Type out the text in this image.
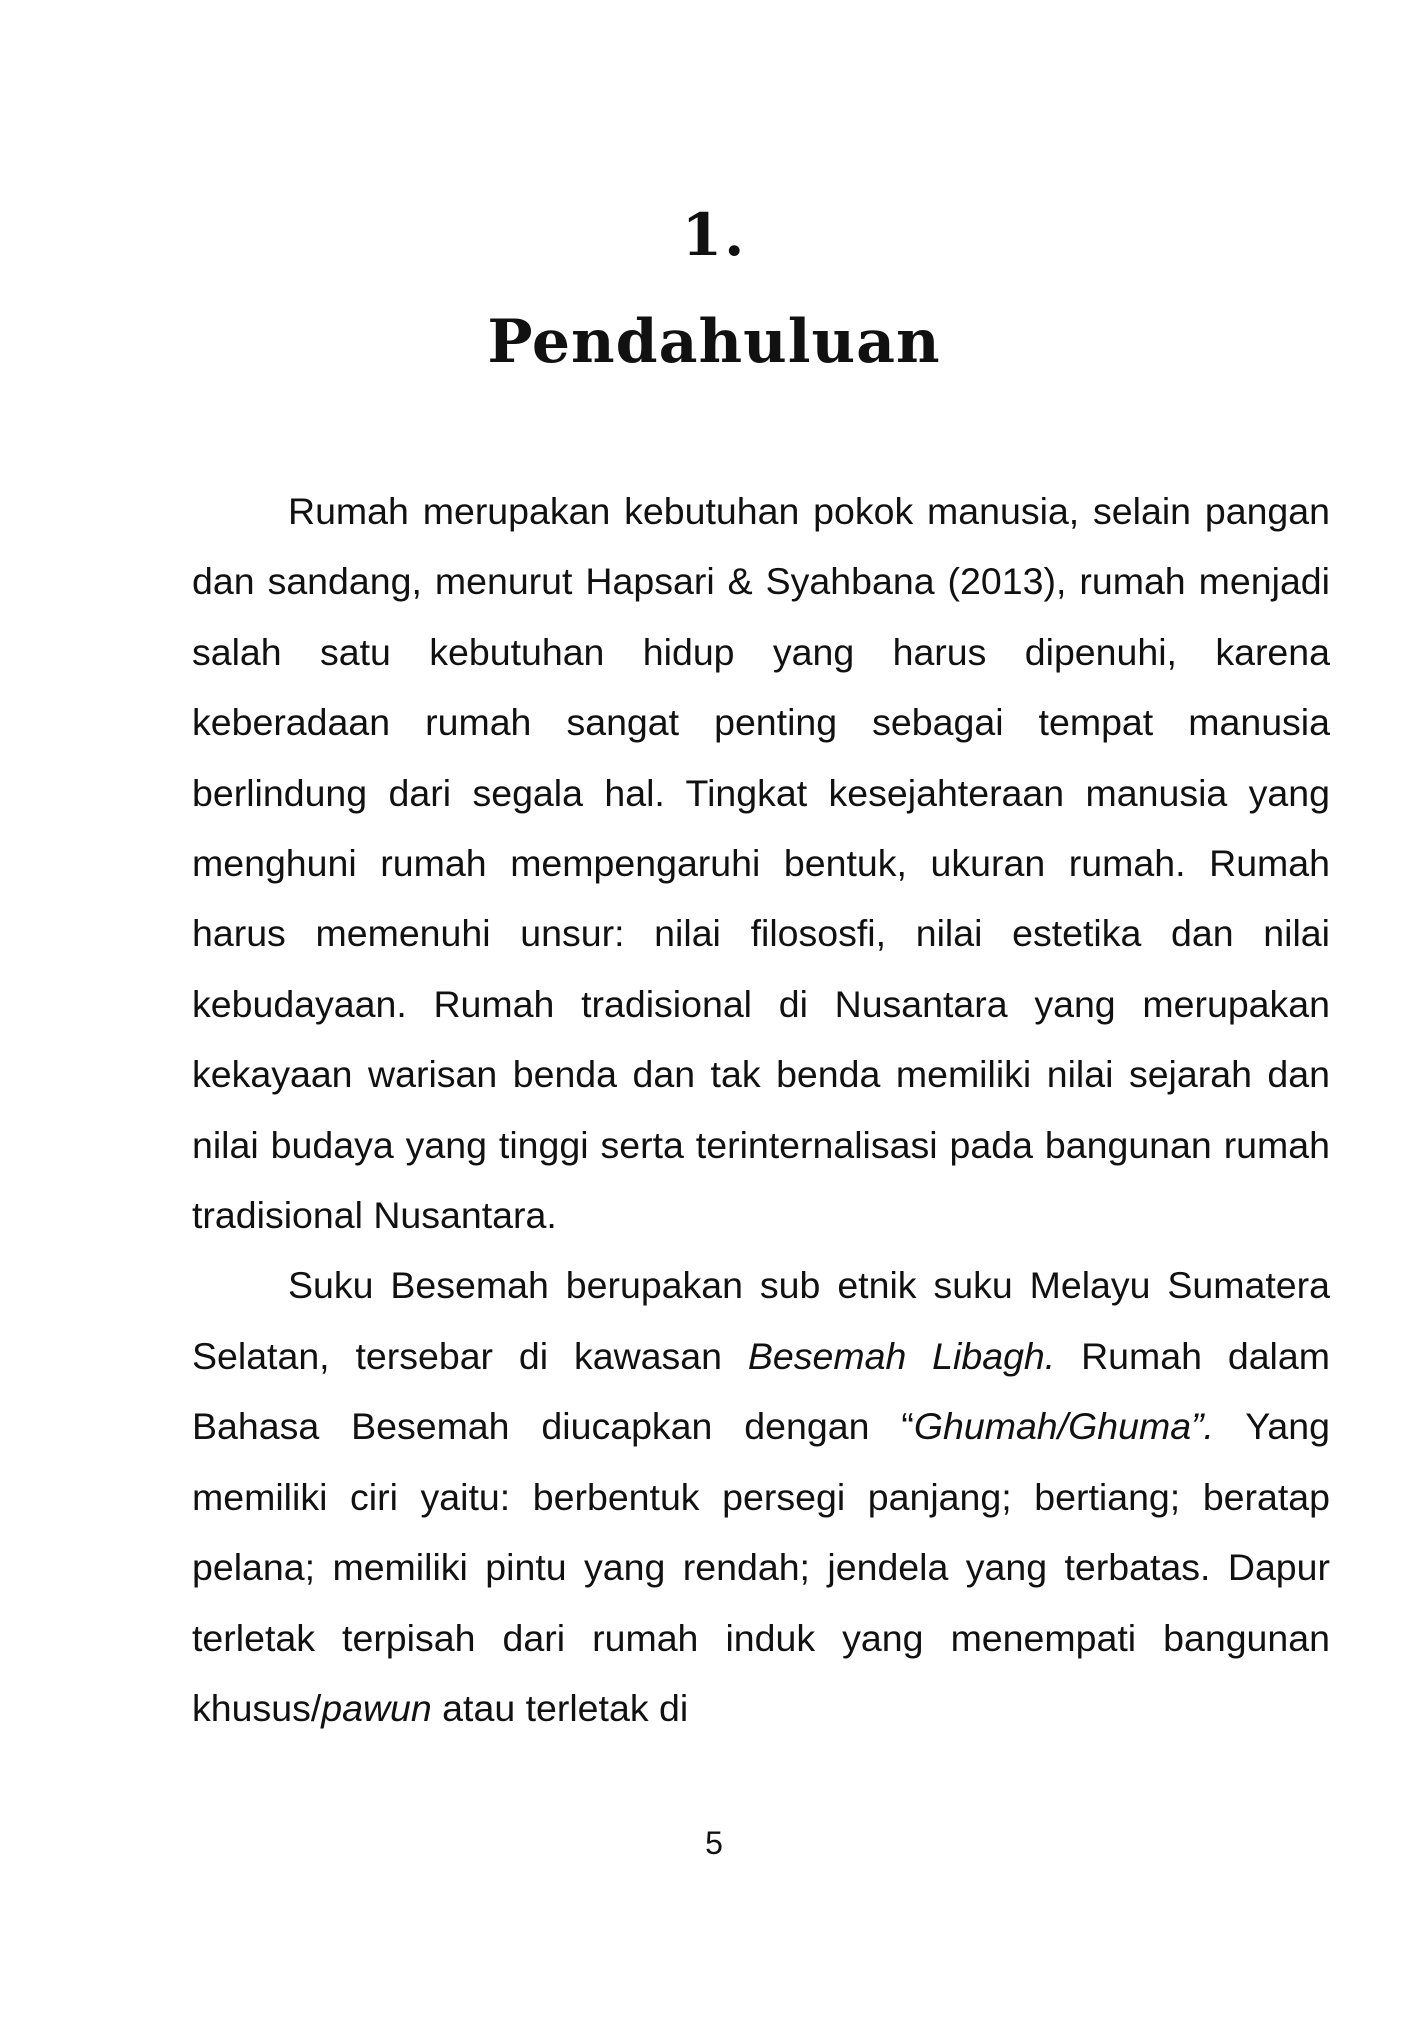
1.
Pendahuluan

Rumah merupakan kebutuhan pokok manusia, selain pangan dan sandang, menurut Hapsari & Syahbana (2013), rumah menjadi salah satu kebutuhan hidup yang harus dipenuhi, karena keberadaan rumah sangat penting sebagai tempat manusia berlindung dari segala hal. Tingkat kesejahteraan manusia yang menghuni rumah mempengaruhi bentuk, ukuran rumah. Rumah harus memenuhi unsur: nilai filososfi, nilai estetika dan nilai kebudayaan. Rumah tradisional di Nusantara yang merupakan kekayaan warisan benda dan tak benda memiliki nilai sejarah dan nilai budaya yang tinggi serta terinternalisasi pada bangunan rumah tradisional Nusantara.

Suku Besemah berupakan sub etnik suku Melayu Sumatera Selatan, tersebar di kawasan Besemah Libagh. Rumah dalam Bahasa Besemah diucapkan dengan “Ghumah/Ghuma”. Yang memiliki ciri yaitu: berbentuk persegi panjang; bertiang; beratap pelana; memiliki pintu yang rendah; jendela yang terbatas. Dapur terletak terpisah dari rumah induk yang menempati bangunan khusus/pawun atau terletak di

5
